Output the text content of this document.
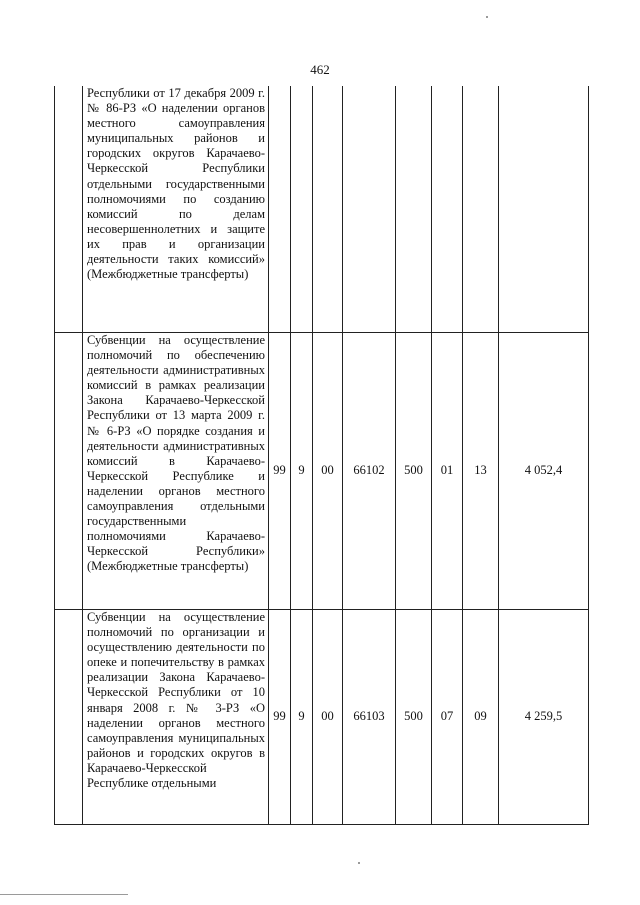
462
	Республики от 17 декабря 2009 г. № 86-РЗ «О наделении органов местного самоуправления муниципальных районов и городских округов Карачаево-Черкесской Республики отдельными государственными полномочиями по созданию комиссий по делам несовершеннолетних и защите их прав и организации деятельности таких комиссий» (Межбюджетные трансферты)								
	Субвенции на осуществление полномочий по обеспечению деятельности административных комиссий в рамках реализации Закона Карачаево-Черкесской Республики от 13 марта 2009 г. № 6-РЗ «О порядке создания и деятельности административных комиссий в Карачаево-Черкесской Республике и наделении органов местного самоуправления отдельными государственными полномочиями Карачаево-Черкесской Республики» (Межбюджетные трансферты)	99	9	00	66102	500	01	13	4 052,4
	Субвенции на осуществление полномочий по организации и осуществлению деятельности по опеке и попечительству в рамках реализации Закона Карачаево-Черкесской Республики от 10 января 2008 г. № 3-РЗ «О наделении органов местного самоуправления муниципальных районов и городских округов в Карачаево-Черкесской Республике отдельными	99	9	00	66103	500	07	09	4 259,5
